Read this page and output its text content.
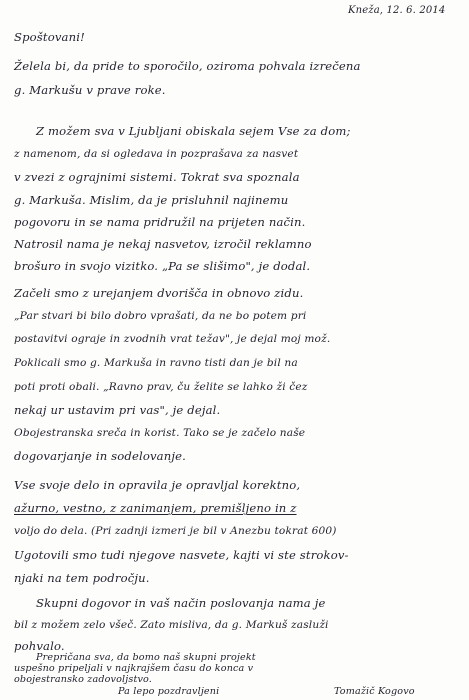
Kneža, 12. 6. 2014
Spoštovani!
Želela bi, da pride to sporočilo, oziroma pohvala izrečena
g. Markušu v prave roke.
Z možem sva v Ljubljani obiskala sejem Vse za dom;
z namenom, da si ogledava in pozprašava za nasvet
v zvezi z ograjnimi sistemi. Tokrat sva spoznala
g. Markuša. Mislim, da je prisluhnil najinemu
pogovoru in se nama pridružil na prijeten način.
Natrosil nama je nekaj nasvetov, izročil reklamno
brošuro in svojo vizitko. „Pa se slišimo", je dodal.
Začeli smo z urejanjem dvorišča in obnovo zidu.
„Par stvari bi bilo dobro vprašati, da ne bo potem pri
postavitvi ograje in zvodnih vrat težav", je dejal moj mož.
Poklicali smo g. Markuša in ravno tisti dan je bil na
poti proti obali. „Ravno prav, ču želite se lahko ži čez
nekaj ur ustavim pri vas", je dejal.
Obojestranska sreča in korist. Tako se je začelo naše
dogovarjanje in sodelovanje.
Vse svoje delo in opravila je opravljal korektno,
ažurno, vestno, z zanimanjem, premišljeno in z
voljo do dela. (Pri zadnji izmeri je bil v Anezbu tokrat 600)
Ugotovili smo tudi njegove nasvete, kajti vi ste strokov-
njaki na tem področju.
Skupni dogovor in vaš način poslovanja nama je
bil z možem zelo všeč. Zato misliva, da g. Markuš zasluži
pohvalo.
Prepričana sva, da bomo naš skupni projekt
uspešno pripeljali v najkrajšem času do konca v
obojestransko zadovoljstvo.
Pa lepo pozdravljeni	Tomažič Kogovo
